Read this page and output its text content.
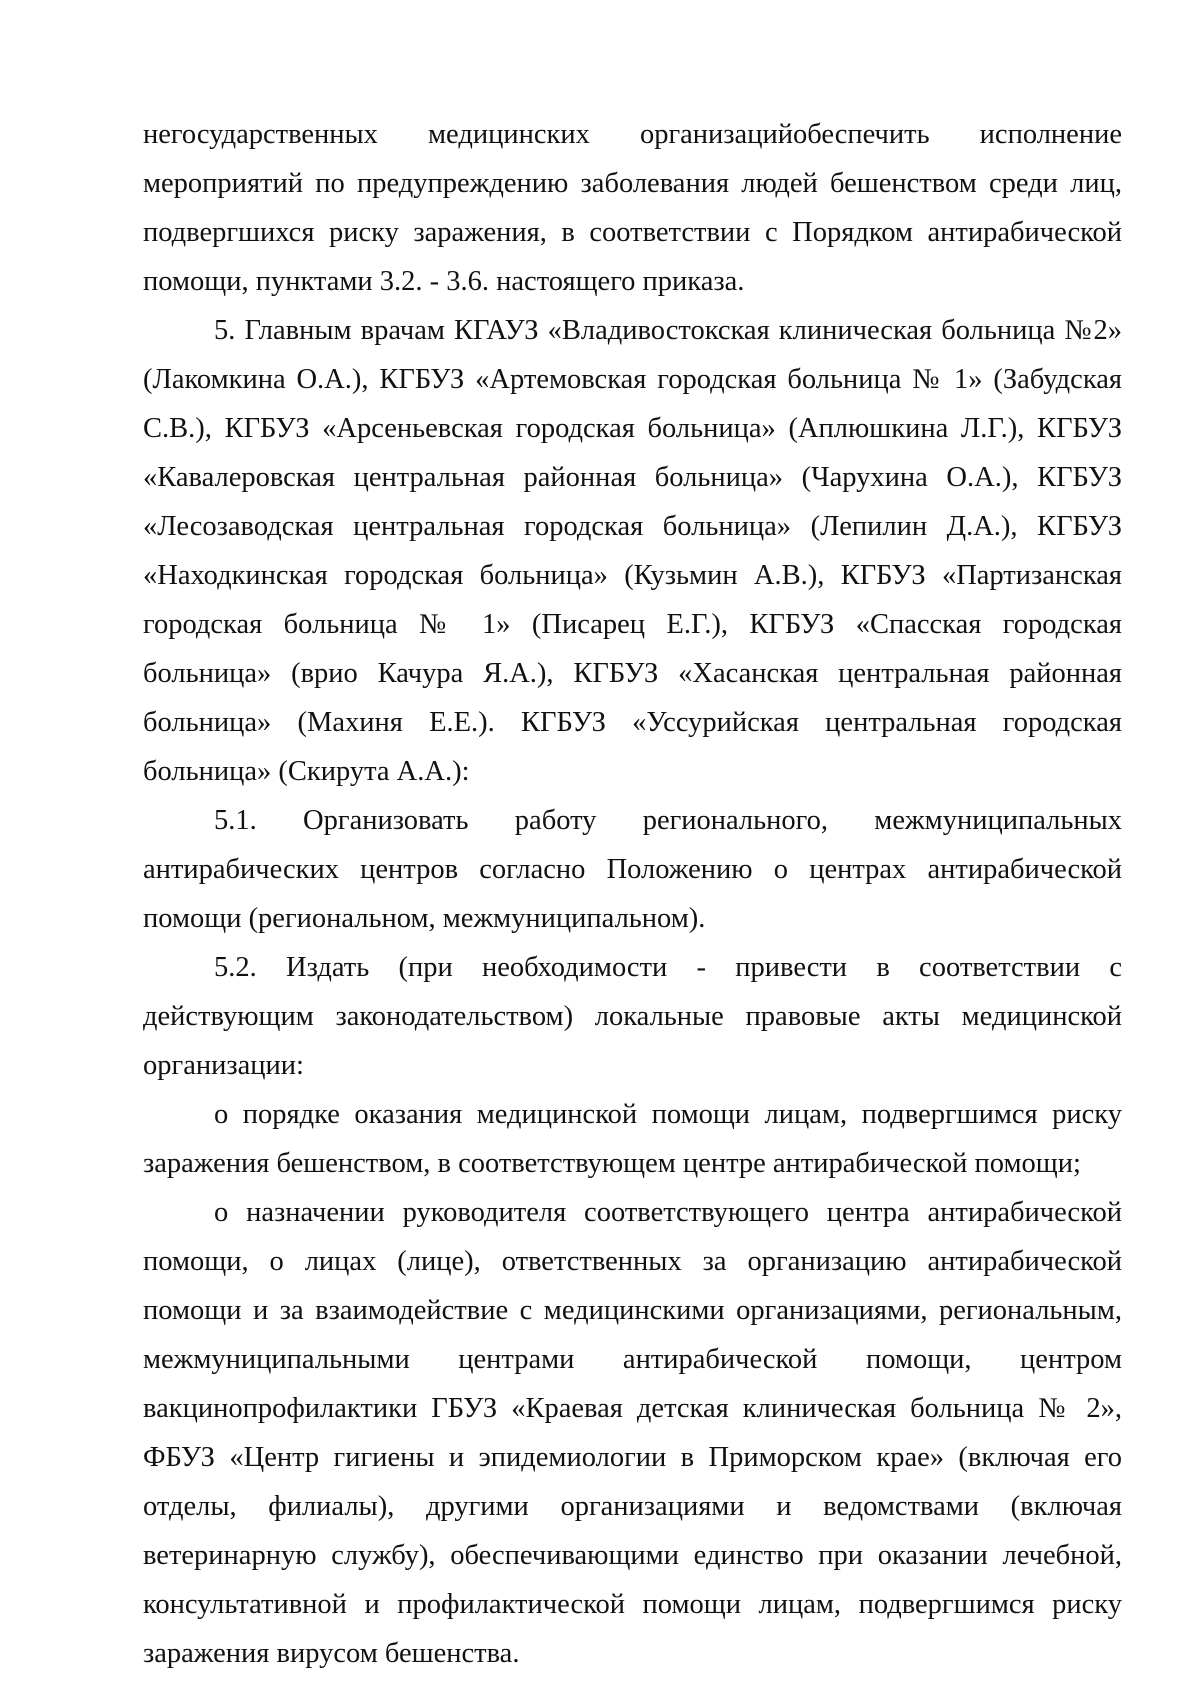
негосударственных медицинских организацийобеспечить исполнение мероприятий по предупреждению заболевания людей бешенством среди лиц, подвергшихся риску заражения, в соответствии с Порядком антирабической помощи, пунктами 3.2. - 3.6. настоящего приказа.

5. Главным врачам КГАУЗ «Владивостокская клиническая больница №2» (Лакомкина О.А.), КГБУЗ «Артемовская городская больница № 1» (Забудская С.В.), КГБУЗ «Арсеньевская городская больница» (Аплюшкина Л.Г.), КГБУЗ «Кавалеровская центральная районная больница» (Чарухина О.А.), КГБУЗ «Лесозаводская центральная городская больница» (Лепилин Д.А.), КГБУЗ «Находкинская городская больница» (Кузьмин А.В.), КГБУЗ «Партизанская городская больница № 1» (Писарец Е.Г.), КГБУЗ «Спасская городская больница» (врио Качура Я.А.), КГБУЗ «Хасанская центральная районная больница» (Махиня Е.Е.). КГБУЗ «Уссурийская центральная городская больница» (Скирута А.А.):

5.1. Организовать работу регионального, межмуниципальных антирабических центров согласно Положению о центрах антирабической помощи (региональном, межмуниципальном).

5.2. Издать (при необходимости - привести в соответствии с действующим законодательством) локальные правовые акты медицинской организации:

о порядке оказания медицинской помощи лицам, подвергшимся риску заражения бешенством, в соответствующем центре антирабической помощи;

о назначении руководителя соответствующего центра антирабической помощи, о лицах (лице), ответственных за организацию антирабической помощи и за взаимодействие с медицинскими организациями, региональным, межмуниципальными центрами антирабической помощи, центром вакцинопрофилактики ГБУЗ «Краевая детская клиническая больница № 2», ФБУЗ «Центр гигиены и эпидемиологии в Приморском крае» (включая его отделы, филиалы), другими организациями и ведомствами (включая ветеринарную службу), обеспечивающими единство при оказании лечебной, консультативной и профилактической помощи лицам, подвергшимся риску заражения вирусом бешенства.
